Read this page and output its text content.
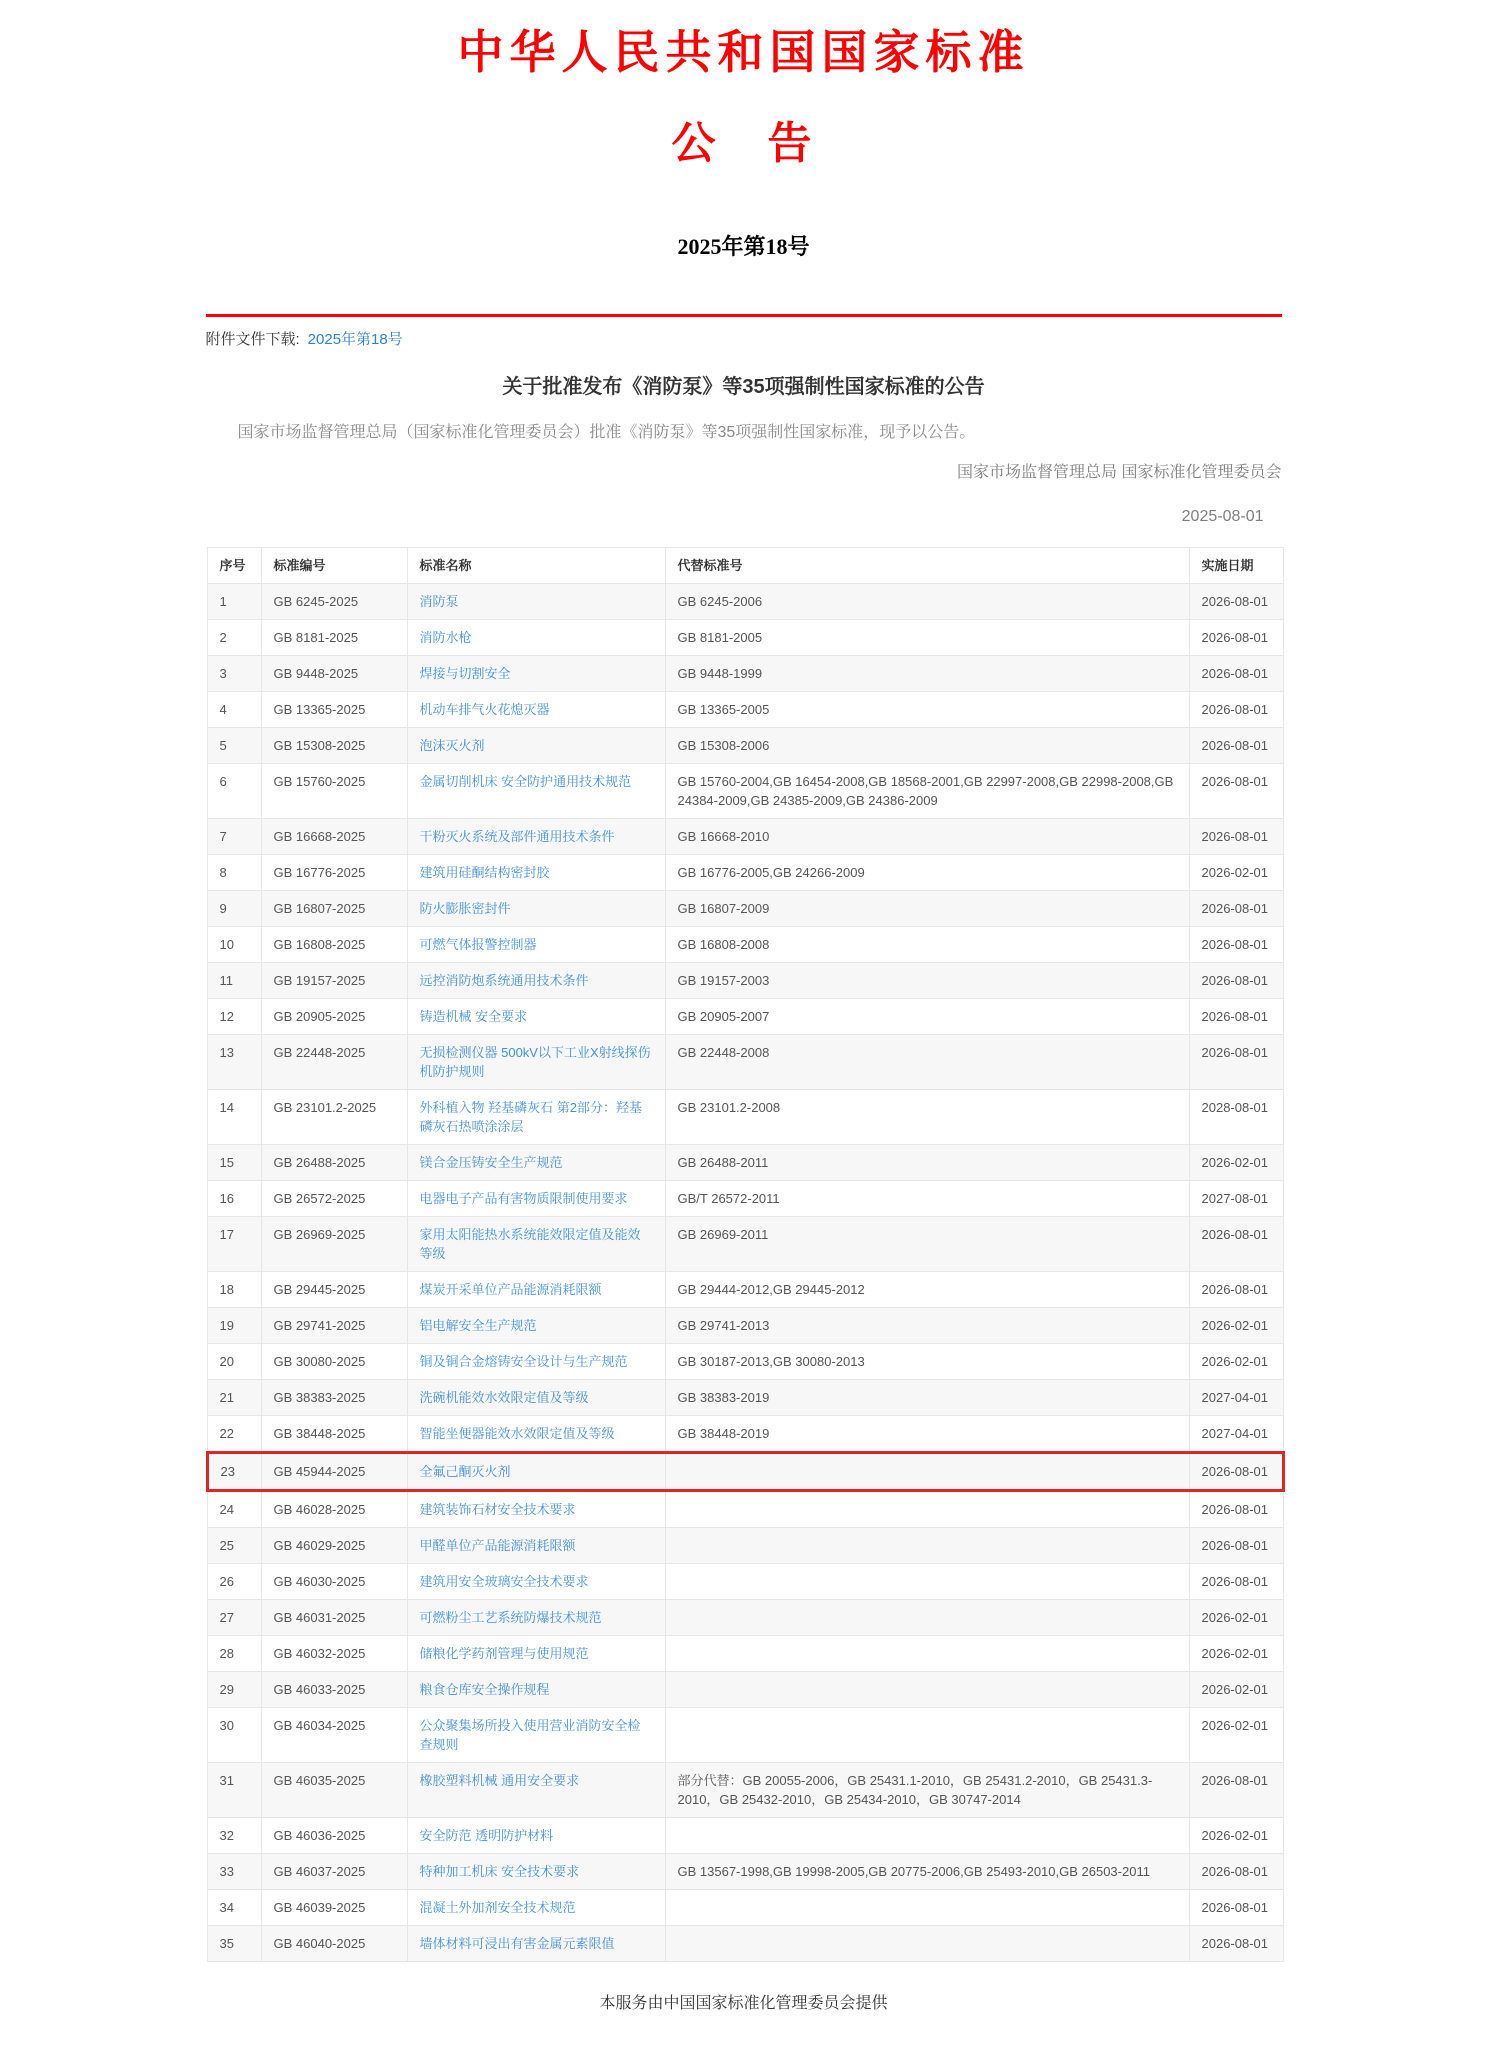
中华人民共和国国家标准
公　告
2025年第18号
附件文件下载: 2025年第18号
关于批准发布《消防泵》等35项强制性国家标准的公告
国家市场监督管理总局（国家标准化管理委员会）批准《消防泵》等35项强制性国家标准，现予以公告。
国家市场监督管理总局 国家标准化管理委员会
2025-08-01
序号	标准编号	标准名称	代替标准号	实施日期
1	GB 6245-2025	消防泵	GB 6245-2006	2026-08-01
2	GB 8181-2025	消防水枪	GB 8181-2005	2026-08-01
3	GB 9448-2025	焊接与切割安全	GB 9448-1999	2026-08-01
4	GB 13365-2025	机动车排气火花熄灭器	GB 13365-2005	2026-08-01
5	GB 15308-2025	泡沫灭火剂	GB 15308-2006	2026-08-01
6	GB 15760-2025	金属切削机床 安全防护通用技术规范	GB 15760-2004,GB 16454-2008,GB 18568-2001,GB 22997-2008,GB 22998-2008,GB 24384-2009,GB 24385-2009,GB 24386-2009	2026-08-01
7	GB 16668-2025	干粉灭火系统及部件通用技术条件	GB 16668-2010	2026-08-01
8	GB 16776-2025	建筑用硅酮结构密封胶	GB 16776-2005,GB 24266-2009	2026-02-01
9	GB 16807-2025	防火膨胀密封件	GB 16807-2009	2026-08-01
10	GB 16808-2025	可燃气体报警控制器	GB 16808-2008	2026-08-01
11	GB 19157-2025	远控消防炮系统通用技术条件	GB 19157-2003	2026-08-01
12	GB 20905-2025	铸造机械 安全要求	GB 20905-2007	2026-08-01
13	GB 22448-2025	无损检测仪器 500kV以下工业X射线探伤机防护规则	GB 22448-2008	2026-08-01
14	GB 23101.2-2025	外科植入物 羟基磷灰石 第2部分：羟基磷灰石热喷涂涂层	GB 23101.2-2008	2028-08-01
15	GB 26488-2025	镁合金压铸安全生产规范	GB 26488-2011	2026-02-01
16	GB 26572-2025	电器电子产品有害物质限制使用要求	GB/T 26572-2011	2027-08-01
17	GB 26969-2025	家用太阳能热水系统能效限定值及能效等级	GB 26969-2011	2026-08-01
18	GB 29445-2025	煤炭开采单位产品能源消耗限额	GB 29444-2012,GB 29445-2012	2026-08-01
19	GB 29741-2025	铝电解安全生产规范	GB 29741-2013	2026-02-01
20	GB 30080-2025	铜及铜合金熔铸安全设计与生产规范	GB 30187-2013,GB 30080-2013	2026-02-01
21	GB 38383-2025	洗碗机能效水效限定值及等级	GB 38383-2019	2027-04-01
22	GB 38448-2025	智能坐便器能效水效限定值及等级	GB 38448-2019	2027-04-01
23	GB 45944-2025	全氟己酮灭火剂		2026-08-01
24	GB 46028-2025	建筑装饰石材安全技术要求		2026-08-01
25	GB 46029-2025	甲醛单位产品能源消耗限额		2026-08-01
26	GB 46030-2025	建筑用安全玻璃安全技术要求		2026-08-01
27	GB 46031-2025	可燃粉尘工艺系统防爆技术规范		2026-02-01
28	GB 46032-2025	储粮化学药剂管理与使用规范		2026-02-01
29	GB 46033-2025	粮食仓库安全操作规程		2026-02-01
30	GB 46034-2025	公众聚集场所投入使用营业消防安全检查规则		2026-02-01
31	GB 46035-2025	橡胶塑料机械 通用安全要求	部分代替：GB 20055-2006，GB 25431.1-2010，GB 25431.2-2010，GB 25431.3-2010，GB 25432-2010，GB 25434-2010，GB 30747-2014	2026-08-01
32	GB 46036-2025	安全防范 透明防护材料		2026-02-01
33	GB 46037-2025	特种加工机床 安全技术要求	GB 13567-1998,GB 19998-2005,GB 20775-2006,GB 25493-2010,GB 26503-2011	2026-08-01
34	GB 46039-2025	混凝土外加剂安全技术规范		2026-08-01
35	GB 46040-2025	墙体材料可浸出有害金属元素限值		2026-08-01
本服务由中国国家标准化管理委员会提供
